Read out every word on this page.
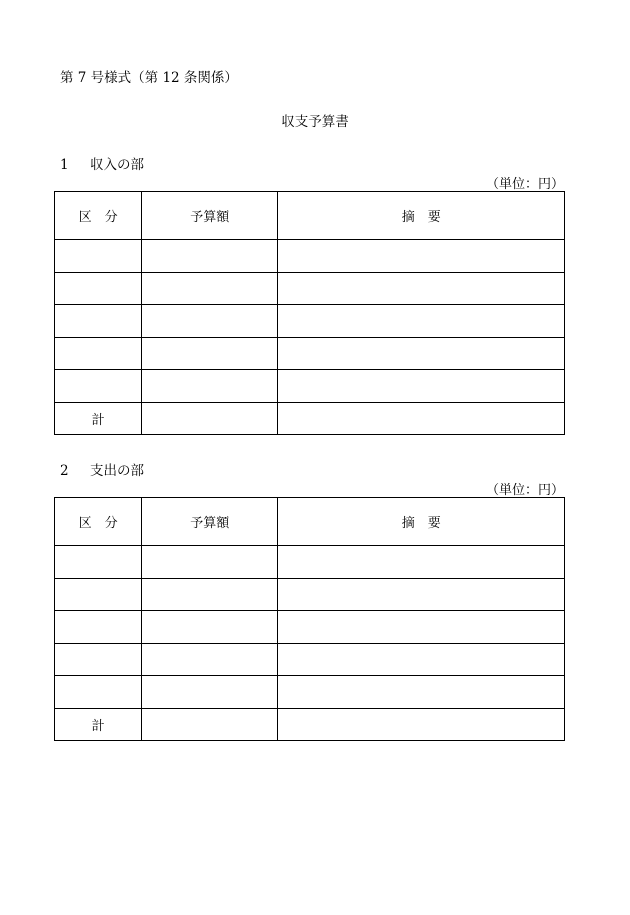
第 7 号様式（第 12 条関係）
収支予算書
1 収入の部
（単位：円）
区　分	予算額	摘　要

計		
2 支出の部
（単位：円）
区　分	予算額	摘　要

計		
